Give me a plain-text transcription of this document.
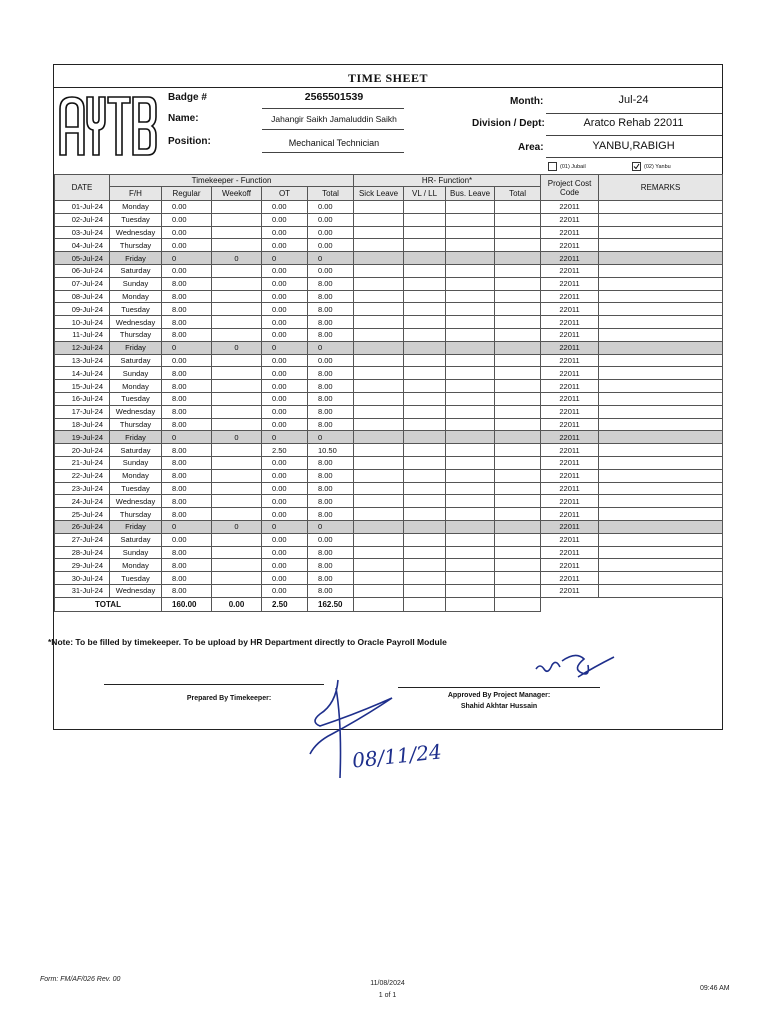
TIME SHEET
Badge #	2565501539
Name:	Jahangir Saikh Jamaluddin Saikh
Position:	Mechanical Technician
Month:	Jul-24
Division / Dept:	Aratco Rehab 22011
Area:	YANBU,RABIGH
(01) Jubail	(02) Yanbu
DATE	Timekeeper - Function					HR- Function*				Project Cost Code	REMARKS
	F/H	Regular	Weekoff	OT	Total	Sick Leave	VL / LL	Bus. Leave	Total		
01-Jul-24	Monday	0.00		0.00	0.00					22011	
02-Jul-24	Tuesday	0.00		0.00	0.00					22011	
03-Jul-24	Wednesday	0.00		0.00	0.00					22011	
04-Jul-24	Thursday	0.00		0.00	0.00					22011	
05-Jul-24	Friday	0	0	0	0					22011	
06-Jul-24	Saturday	0.00		0.00	0.00					22011	
07-Jul-24	Sunday	8.00		0.00	8.00					22011	
08-Jul-24	Monday	8.00		0.00	8.00					22011	
09-Jul-24	Tuesday	8.00		0.00	8.00					22011	
10-Jul-24	Wednesday	8.00		0.00	8.00					22011	
11-Jul-24	Thursday	8.00		0.00	8.00					22011	
12-Jul-24	Friday	0	0	0	0					22011	
13-Jul-24	Saturday	0.00		0.00	0.00					22011	
14-Jul-24	Sunday	8.00		0.00	8.00					22011	
15-Jul-24	Monday	8.00		0.00	8.00					22011	
16-Jul-24	Tuesday	8.00		0.00	8.00					22011	
17-Jul-24	Wednesday	8.00		0.00	8.00					22011	
18-Jul-24	Thursday	8.00		0.00	8.00					22011	
19-Jul-24	Friday	0	0	0	0					22011	
20-Jul-24	Saturday	8.00		2.50	10.50					22011	
21-Jul-24	Sunday	8.00		0.00	8.00					22011	
22-Jul-24	Monday	8.00		0.00	8.00					22011	
23-Jul-24	Tuesday	8.00		0.00	8.00					22011	
24-Jul-24	Wednesday	8.00		0.00	8.00					22011	
25-Jul-24	Thursday	8.00		0.00	8.00					22011	
26-Jul-24	Friday	0	0	0	0					22011	
27-Jul-24	Saturday	0.00		0.00	0.00					22011	
28-Jul-24	Sunday	8.00		0.00	8.00					22011	
29-Jul-24	Monday	8.00		0.00	8.00					22011	
30-Jul-24	Tuesday	8.00		0.00	8.00					22011	
31-Jul-24	Wednesday	8.00		0.00	8.00					22011	
TOTAL		160.00	0.00	2.50	162.50						
*Note: To be filled by timekeeper. To be upload by HR Department directly to Oracle Payroll Module
Prepared By Timekeeper:	Approved By Project Manager:
Shahid Akhtar Hussain
08/11/24
Form: FM/AF/026 Rev. 00
11/08/2024
1 of 1
09:46 AM
